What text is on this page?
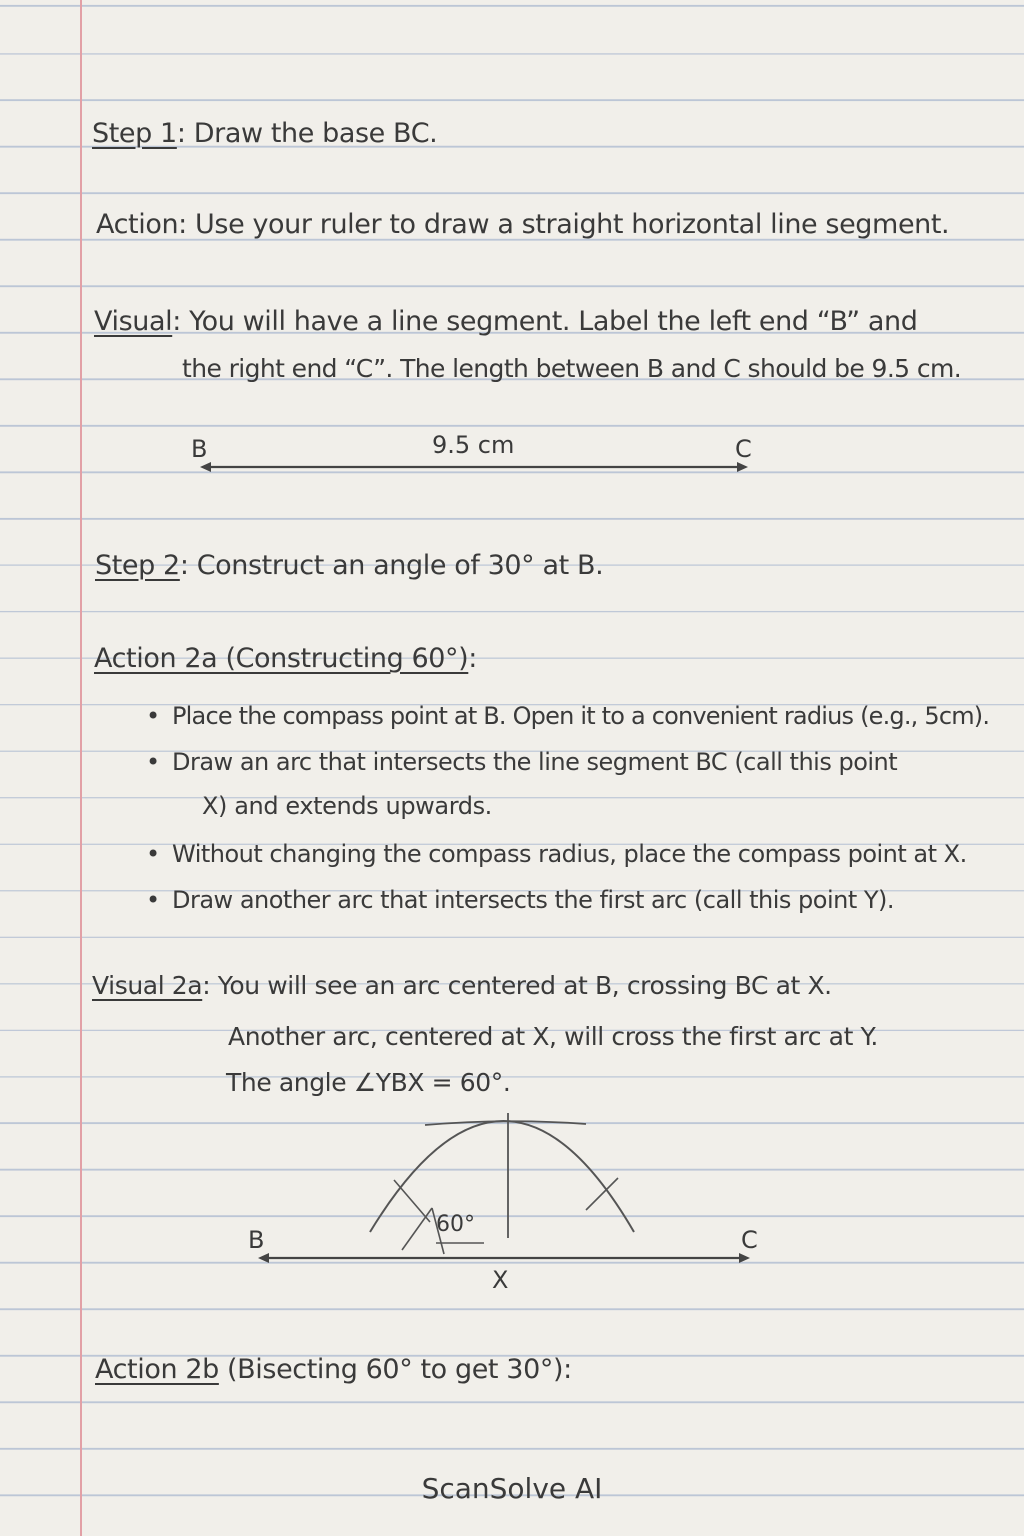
Step 1: Draw the base BC.
Action: Use your ruler to draw a straight horizontal line segment.
Visual: You will have a line segment. Label the left end “B” and
the right end “C”. The length between B and C should be 9.5 cm.
B	C
9.5 cm
B	C
X
60°
Step 2: Construct an angle of 30° at B.
Action 2a (Constructing 60°):
• Place the compass point at B. Open it to a convenient radius (e.g., 5cm).
• Draw an arc that intersects the line segment BC (call this point
X) and extends upwards.
• Without changing the compass radius, place the compass point at X.
• Draw another arc that intersects the first arc (call this point Y).
Visual 2a: You will see an arc centered at B, crossing BC at X.
Another arc, centered at X, will cross the first arc at Y.
The angle ∠YBX = 60°.
Action 2b (Bisecting 60° to get 30°):
ScanSolve AI
